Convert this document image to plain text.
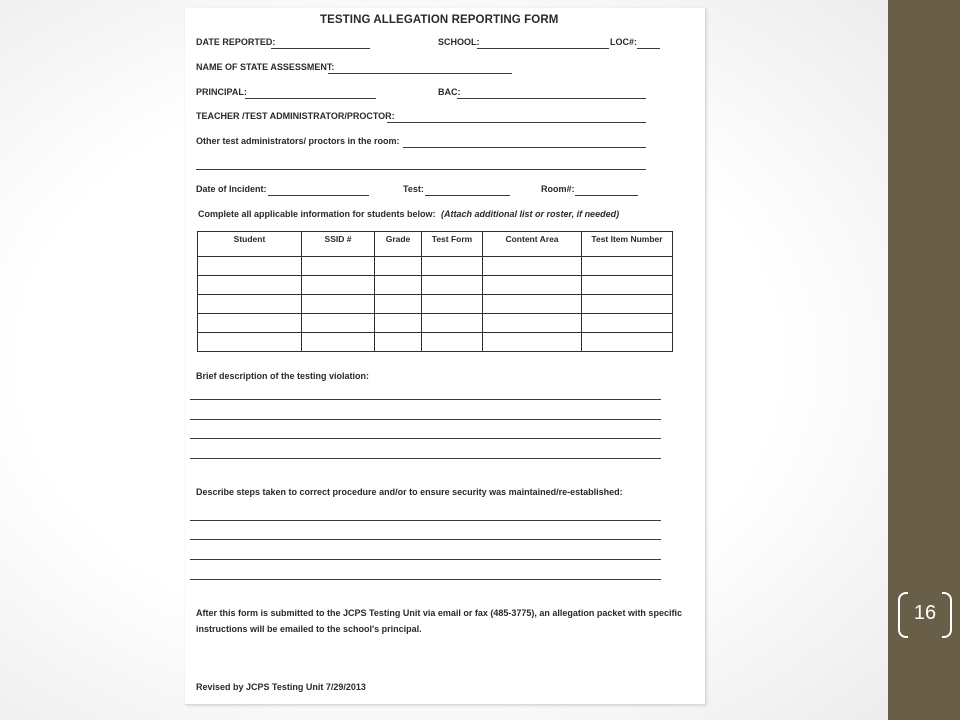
TESTING ALLEGATION REPORTING FORM
DATE REPORTED:	SCHOOL:	LOC#:
NAME OF STATE ASSESSMENT:
PRINCIPAL:	BAC:
TEACHER /TEST ADMINISTRATOR/PROCTOR:
Other test administrators/ proctors in the room:
Date of Incident:	Test:	Room#:
Complete all applicable information for students below: (Attach additional list or roster, if needed)
Student	SSID #	Grade	Test Form	Content Area	Test Item Number

Brief description of the testing violation:
Describe steps taken to correct procedure and/or to ensure security was maintained/re-established:
After this form is submitted to the JCPS Testing Unit via email or fax (485-3775), an allegation packet with specific instructions will be emailed to the school's principal.
Revised by JCPS Testing Unit 7/29/2013
16
